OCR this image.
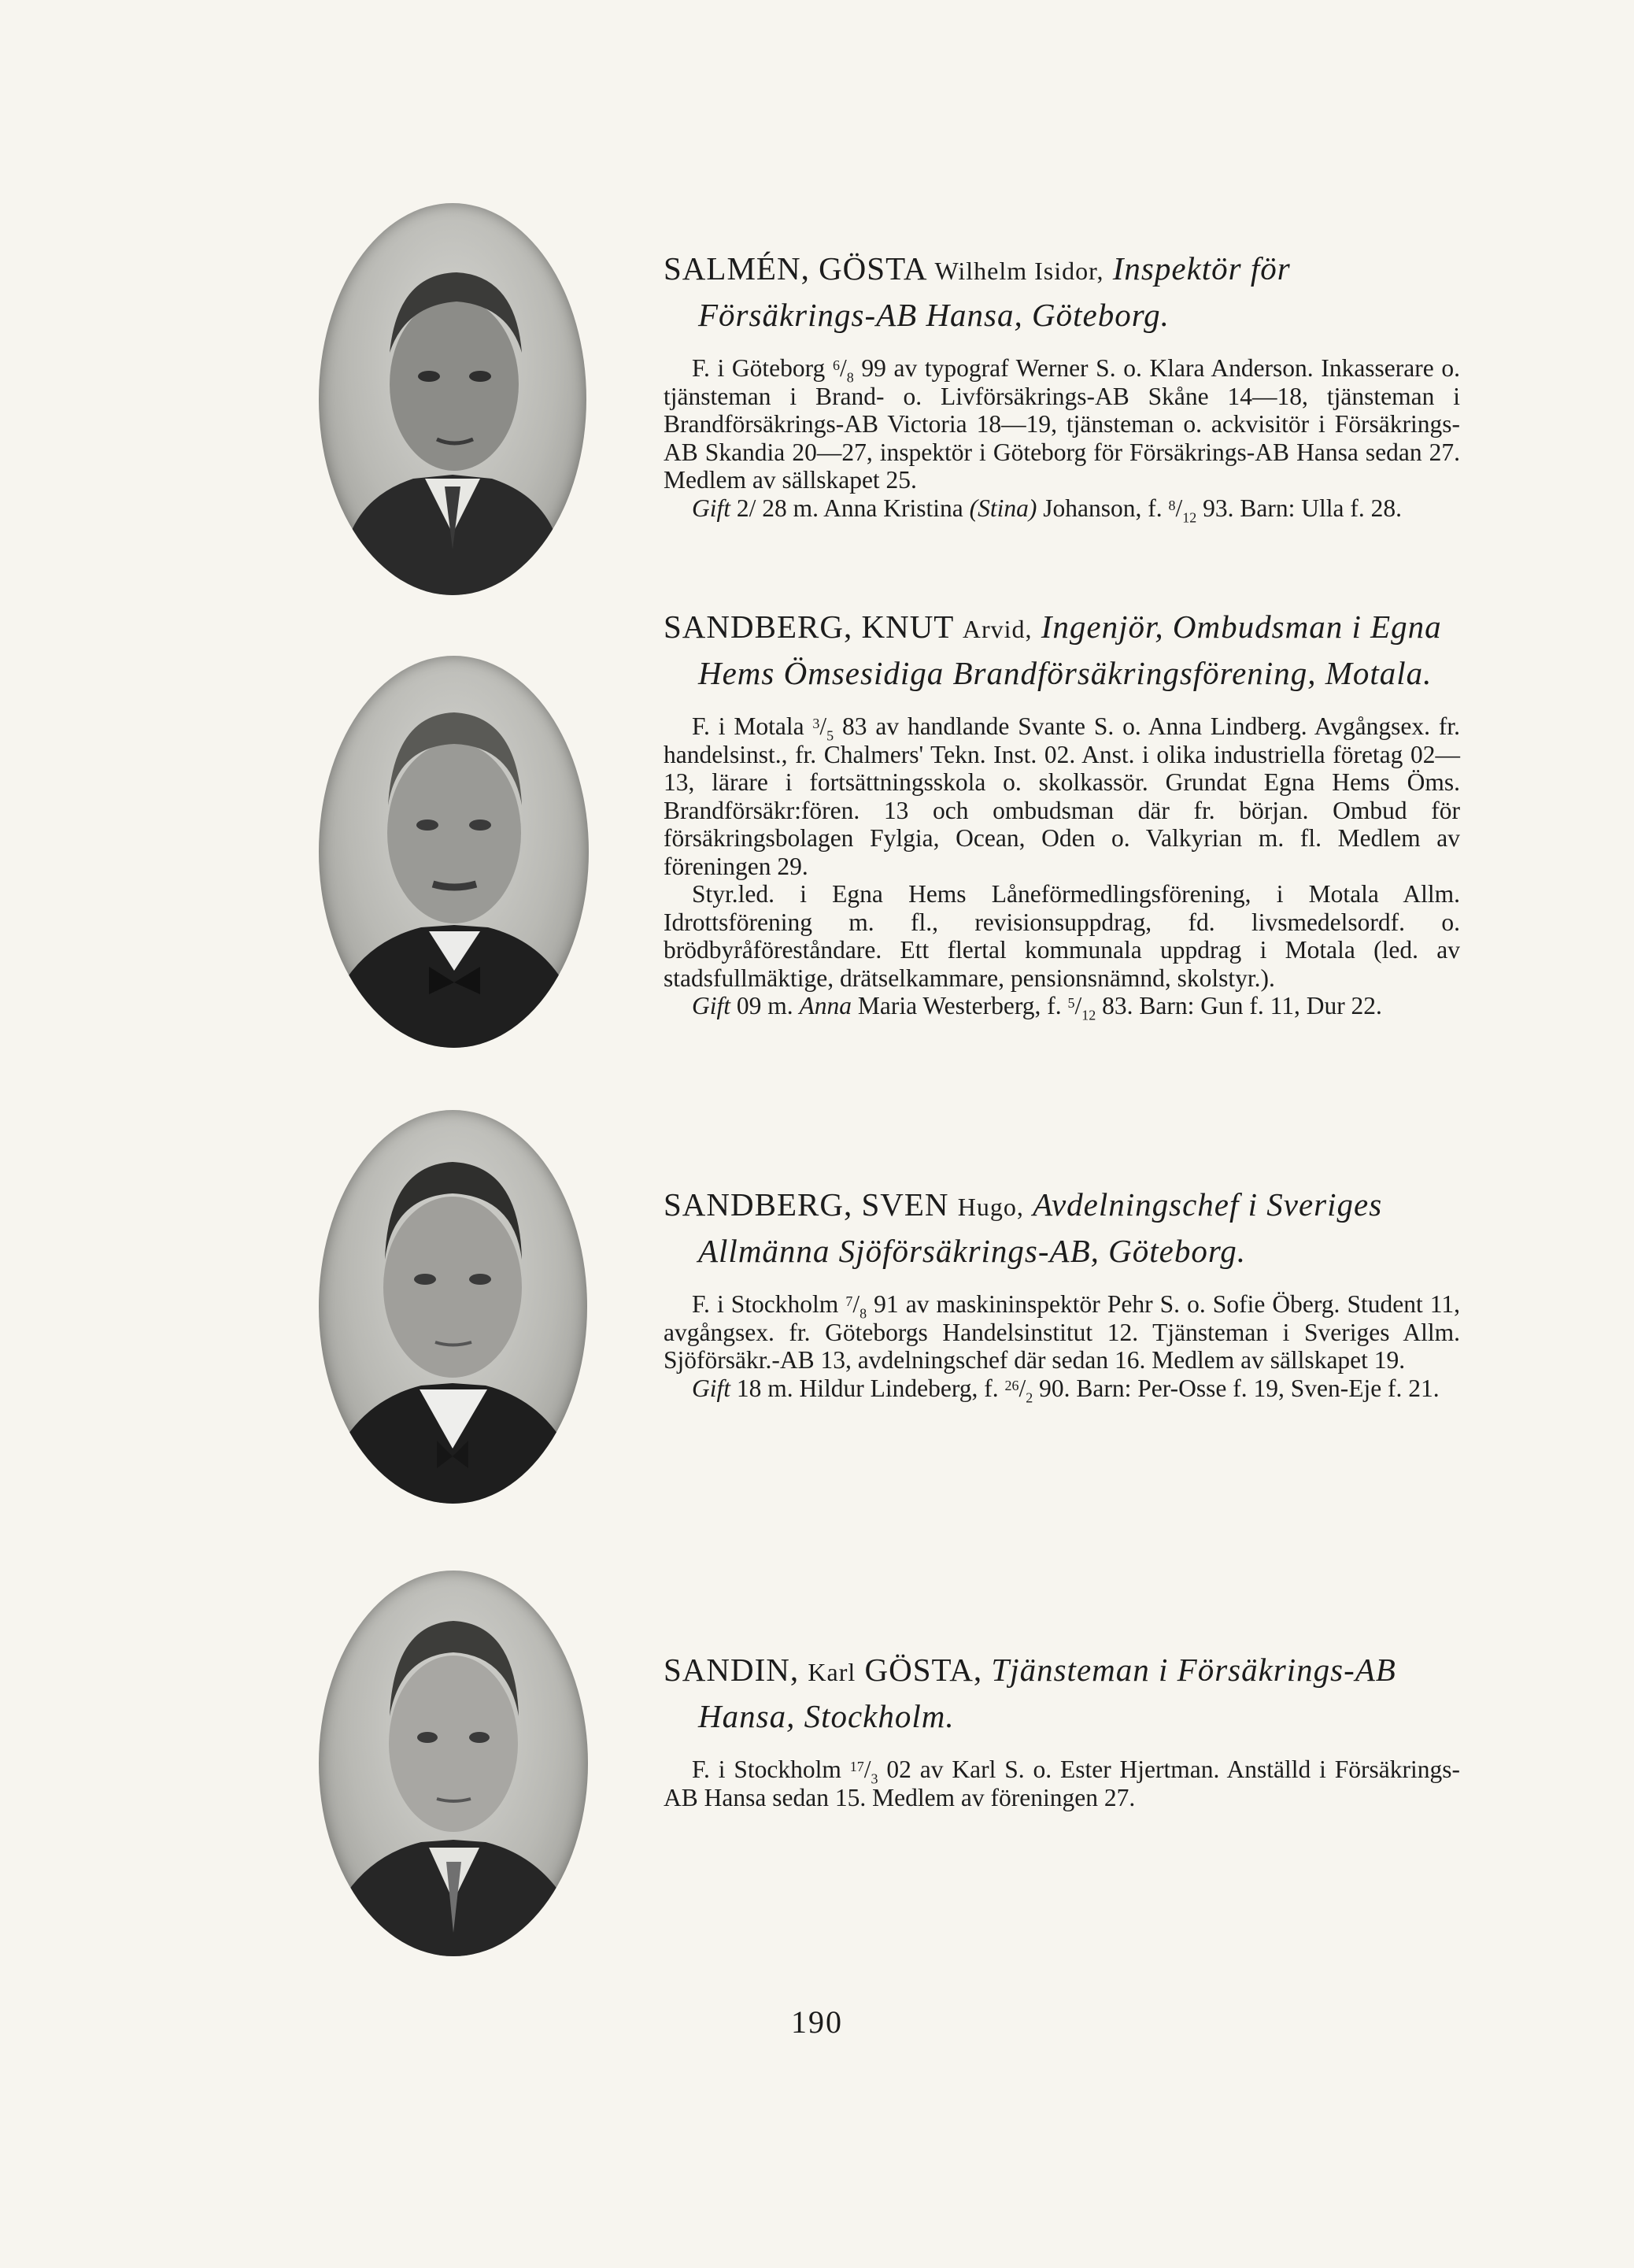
SALMÉN, GÖSTA Wilhelm Isidor, Inspektör för Försäkrings-AB Hansa, Göteborg.

F. i Göteborg $^6/_8$ 99 av typograf Werner S. o. Klara Anderson. Inkasserare o. tjänsteman i Brand- o. Livförsäkrings-AB Skåne 14—18, tjänsteman i Brandförsäkrings-AB Victoria 18—19, tjänsteman o. ackvisitör i Försäkrings-AB Skandia 20—27, inspektör i Göteborg för Försäkrings-AB Hansa sedan 27. Medlem av sällskapet 25.

Gift 2/ 28 m. Anna Kristina (Stina) Johanson, f. $^8/_{12}$ 93. Barn: Ulla f. 28.

SANDBERG, KNUT Arvid, Ingenjör, Ombudsman i Egna Hems Ömsesidiga Brandförsäkringsförening, Motala.

F. i Motala $^3/_5$ 83 av handlande Svante S. o. Anna Lindberg. Avgångsex. fr. handelsinst., fr. Chalmers' Tekn. Inst. 02. Anst. i olika industriella företag 02—13, lärare i fortsättningsskola o. skolkassör. Grundat Egna Hems Öms. Brandförsäkr:fören. 13 och ombudsman där fr. början. Ombud för försäkringsbolagen Fylgia, Ocean, Oden o. Valkyrian m. fl. Medlem av föreningen 29.

Styr.led. i Egna Hems Låneförmedlingsförening, i Motala Allm. Idrottsförening m. fl., revisionsuppdrag, fd. livsmedelsordf. o. brödbyråföreståndare. Ett flertal kommunala uppdrag i Motala (led. av stadsfullmäktige, drätselkammare, pensionsnämnd, skolstyr.).

Gift 09 m. Anna Maria Westerberg, f. $^5/_{12}$ 83. Barn: Gun f. 11, Dur 22.

SANDBERG, SVEN Hugo, Avdelningschef i Sveriges Allmänna Sjöförsäkrings-AB, Göteborg.

F. i Stockholm $^7/_8$ 91 av maskininspektör Pehr S. o. Sofie Öberg. Student 11, avgångsex. fr. Göteborgs Handelsinstitut 12. Tjänsteman i Sveriges Allm. Sjöförsäkr.-AB 13, avdelningschef där sedan 16. Medlem av sällskapet 19.

Gift 18 m. Hildur Lindeberg, f. $^{26}/_2$ 90. Barn: Per-Osse f. 19, Sven-Eje f. 21.

SANDIN, Karl GÖSTA, Tjänsteman i Försäkrings-AB Hansa, Stockholm.

F. i Stockholm $^{17}/_3$ 02 av Karl S. o. Ester Hjertman. Anställd i Försäkrings-AB Hansa sedan 15. Medlem av föreningen 27.

190
